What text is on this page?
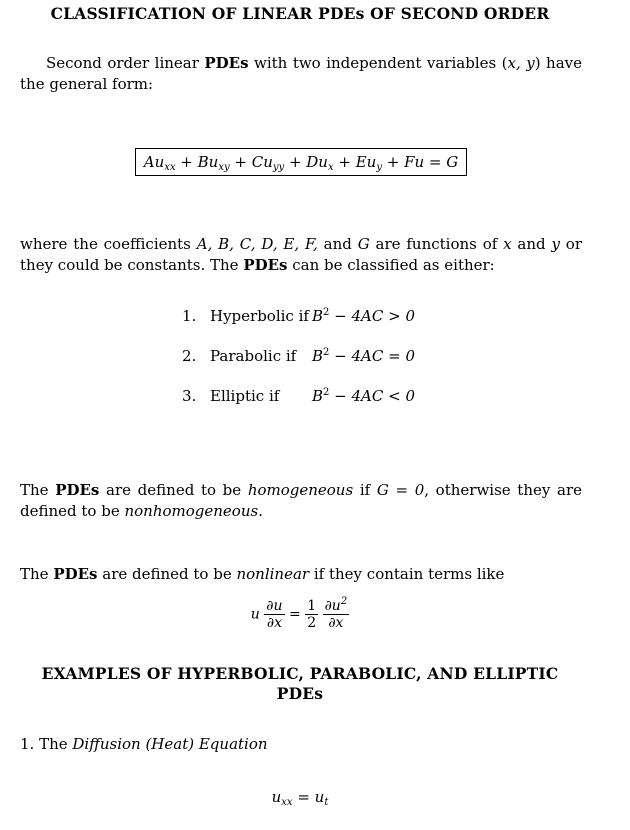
CLASSIFICATION OF LINEAR PDEs OF SECOND ORDER
Second order linear PDEs with two independent variables (x, y) have the general form:
$Au_{xx} + Bu_{xy} + Cu_{yy} + Du_x + Eu_y + Fu = G$
where the coefficients A, B, C, D, E, F, and G are functions of x and y or they could be constants. The PDEs can be classified as either:
1. Hyperbolic if $B^2 - 4AC > 0$
2. Parabolic if $B^2 - 4AC = 0$
3. Elliptic if $B^2 - 4AC < 0$
The PDEs are defined to be homogeneous if G = 0, otherwise they are defined to be nonhomogeneous.
The PDEs are defined to be nonlinear if they contain terms like
u $\frac{\partial u}{\partial x} = \frac{1}{2}$
$\frac{\partial u^2}{\partial x}$
EXAMPLES OF HYPERBOLIC, PARABOLIC, AND ELLIPTIC PDEs
1. The Diffusion (Heat) Equation
$u_{xx} = u_t$
